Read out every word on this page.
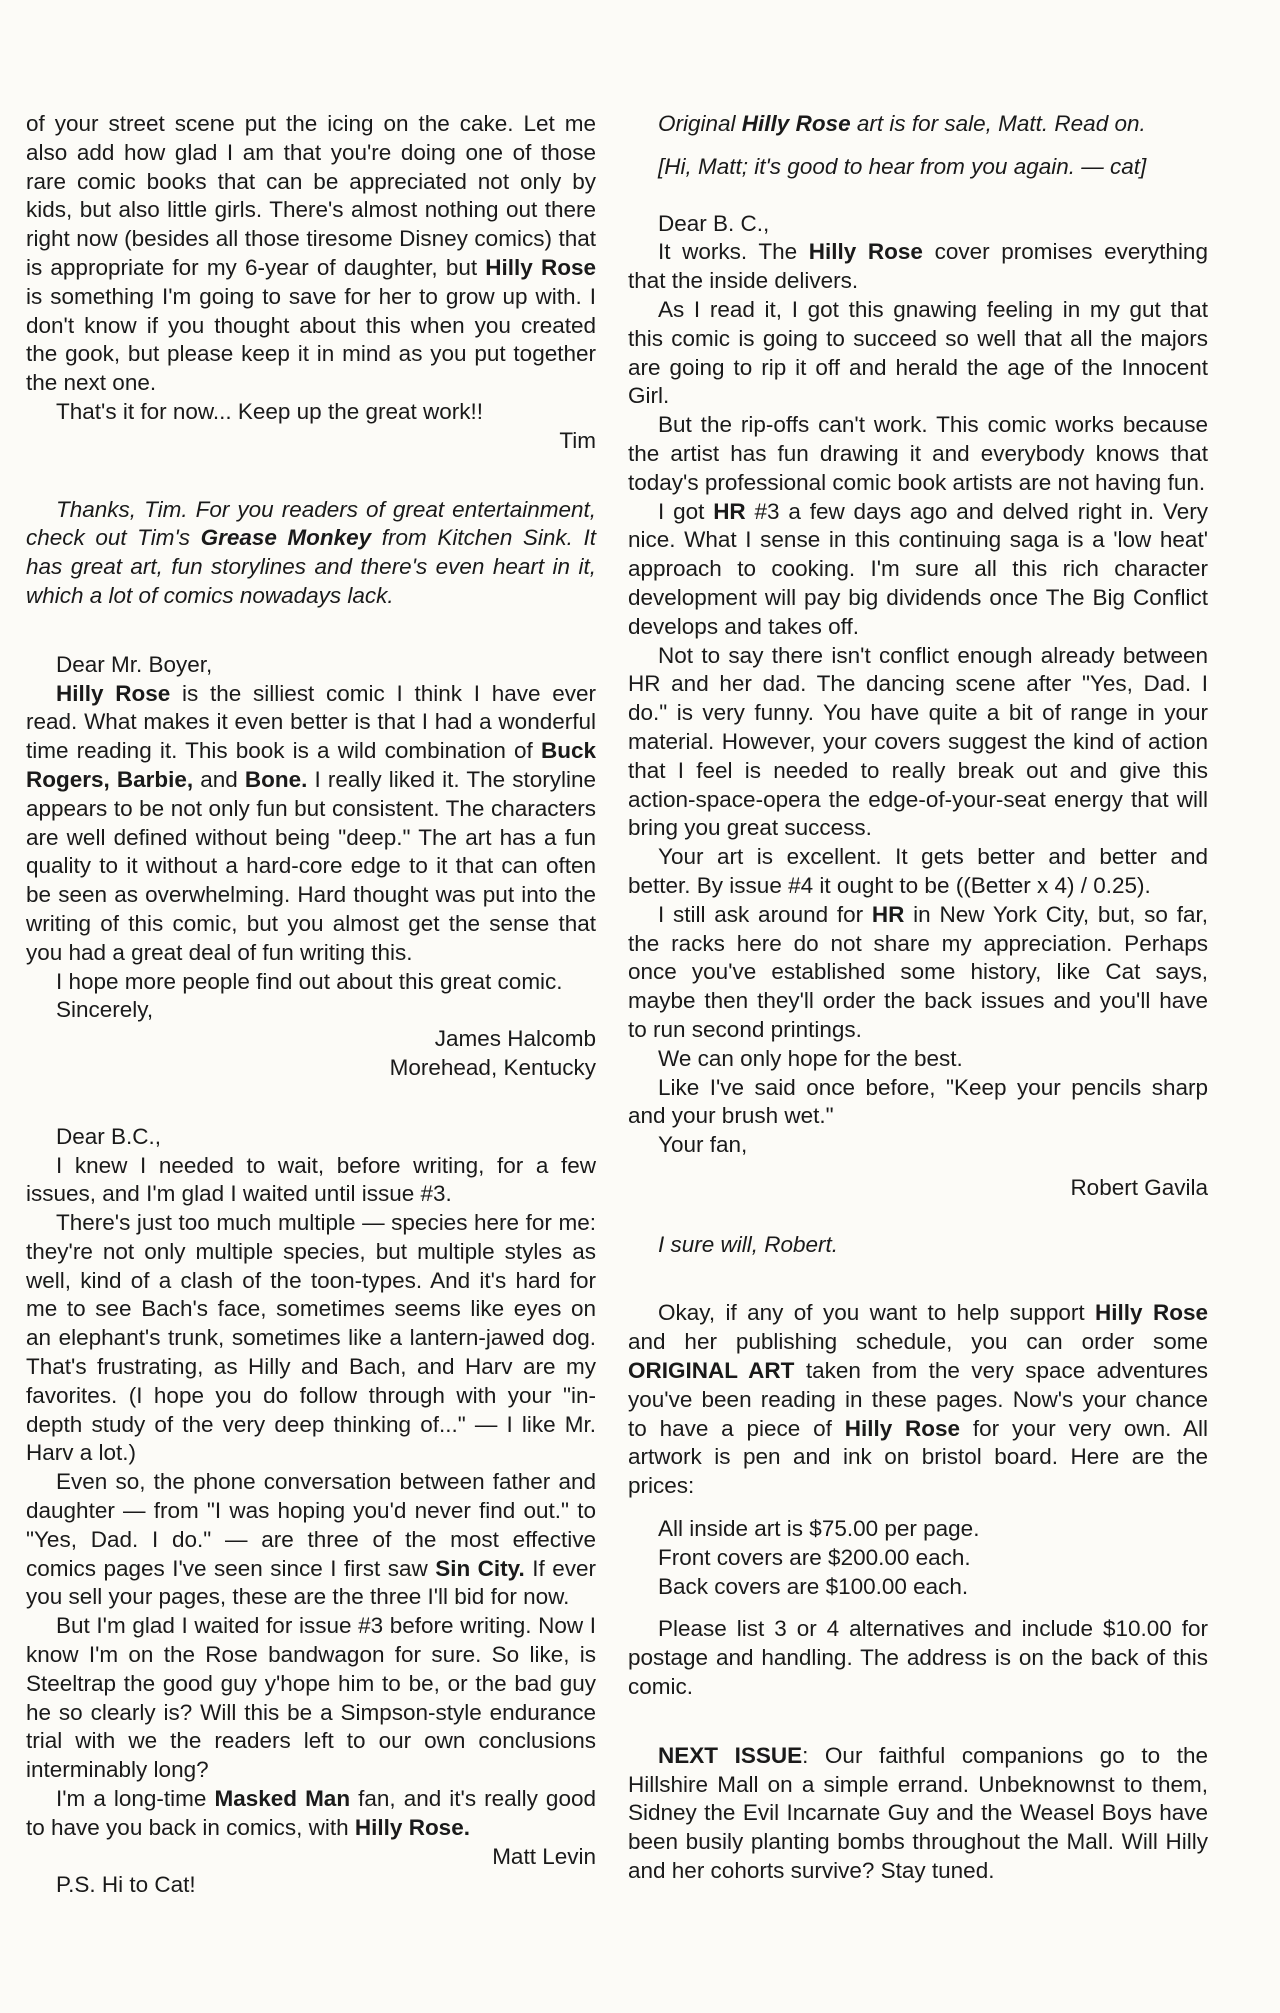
of your street scene put the icing on the cake. Let me also add how glad I am that you're doing one of those rare comic books that can be appreciated not only by kids, but also little girls. There's almost nothing out there right now (besides all those tiresome Disney comics) that is appropriate for my 6-year of daughter, but Hilly Rose is something I'm going to save for her to grow up with. I don't know if you thought about this when you created the gook, but please keep it in mind as you put together the next one.

That's it for now... Keep up the great work!!

Tim

Thanks, Tim. For you readers of great entertainment, check out Tim's Grease Monkey from Kitchen Sink. It has great art, fun storylines and there's even heart in it, which a lot of comics nowadays lack.

Dear Mr. Boyer,

Hilly Rose is the silliest comic I think I have ever read. What makes it even better is that I had a wonderful time reading it. This book is a wild combination of Buck Rogers, Barbie, and Bone. I really liked it. The storyline appears to be not only fun but consistent. The characters are well defined without being "deep." The art has a fun quality to it without a hard-core edge to it that can often be seen as overwhelming. Hard thought was put into the writing of this comic, but you almost get the sense that you had a great deal of fun writing this.

I hope more people find out about this great comic.

Sincerely,

James Halcomb

Morehead, Kentucky

Dear B.C.,

I knew I needed to wait, before writing, for a few issues, and I'm glad I waited until issue #3.

There's just too much multiple — species here for me: they're not only multiple species, but multiple styles as well, kind of a clash of the toon-types. And it's hard for me to see Bach's face, sometimes seems like eyes on an elephant's trunk, sometimes like a lantern-jawed dog. That's frustrating, as Hilly and Bach, and Harv are my favorites. (I hope you do follow through with your "in-depth study of the very deep thinking of..." — I like Mr. Harv a lot.)

Even so, the phone conversation between father and daughter — from "I was hoping you'd never find out." to "Yes, Dad. I do." — are three of the most effective comics pages I've seen since I first saw Sin City. If ever you sell your pages, these are the three I'll bid for now.

But I'm glad I waited for issue #3 before writing. Now I know I'm on the Rose bandwagon for sure. So like, is Steeltrap the good guy y'hope him to be, or the bad guy he so clearly is? Will this be a Simpson-style endurance trial with we the readers left to our own conclusions interminably long?

I'm a long-time Masked Man fan, and it's really good to have you back in comics, with Hilly Rose.

Matt Levin

P.S. Hi to Cat!

Original Hilly Rose art is for sale, Matt. Read on.

[Hi, Matt; it's good to hear from you again. — cat]

Dear B. C.,

It works. The Hilly Rose cover promises everything that the inside delivers.

As I read it, I got this gnawing feeling in my gut that this comic is going to succeed so well that all the majors are going to rip it off and herald the age of the Innocent Girl.

But the rip-offs can't work. This comic works because the artist has fun drawing it and everybody knows that today's professional comic book artists are not having fun.

I got HR #3 a few days ago and delved right in. Very nice. What I sense in this continuing saga is a 'low heat' approach to cooking. I'm sure all this rich character development will pay big dividends once The Big Conflict develops and takes off.

Not to say there isn't conflict enough already between HR and her dad. The dancing scene after "Yes, Dad. I do." is very funny. You have quite a bit of range in your material. However, your covers suggest the kind of action that I feel is needed to really break out and give this action-space-opera the edge-of-your-seat energy that will bring you great success.

Your art is excellent. It gets better and better and better. By issue #4 it ought to be ((Better x 4) / 0.25).

I still ask around for HR in New York City, but, so far, the racks here do not share my appreciation. Perhaps once you've established some history, like Cat says, maybe then they'll order the back issues and you'll have to run second printings.

We can only hope for the best.

Like I've said once before, "Keep your pencils sharp and your brush wet."

Your fan,

Robert Gavila

I sure will, Robert.

Okay, if any of you want to help support Hilly Rose and her publishing schedule, you can order some ORIGINAL ART taken from the very space adventures you've been reading in these pages. Now's your chance to have a piece of Hilly Rose for your very own. All artwork is pen and ink on bristol board. Here are the prices:

All inside art is $75.00 per page.

Front covers are $200.00 each.

Back covers are $100.00 each.

Please list 3 or 4 alternatives and include $10.00 for postage and handling. The address is on the back of this comic.

NEXT ISSUE: Our faithful companions go to the Hillshire Mall on a simple errand. Unbeknownst to them, Sidney the Evil Incarnate Guy and the Weasel Boys have been busily planting bombs throughout the Mall. Will Hilly and her cohorts survive? Stay tuned.
